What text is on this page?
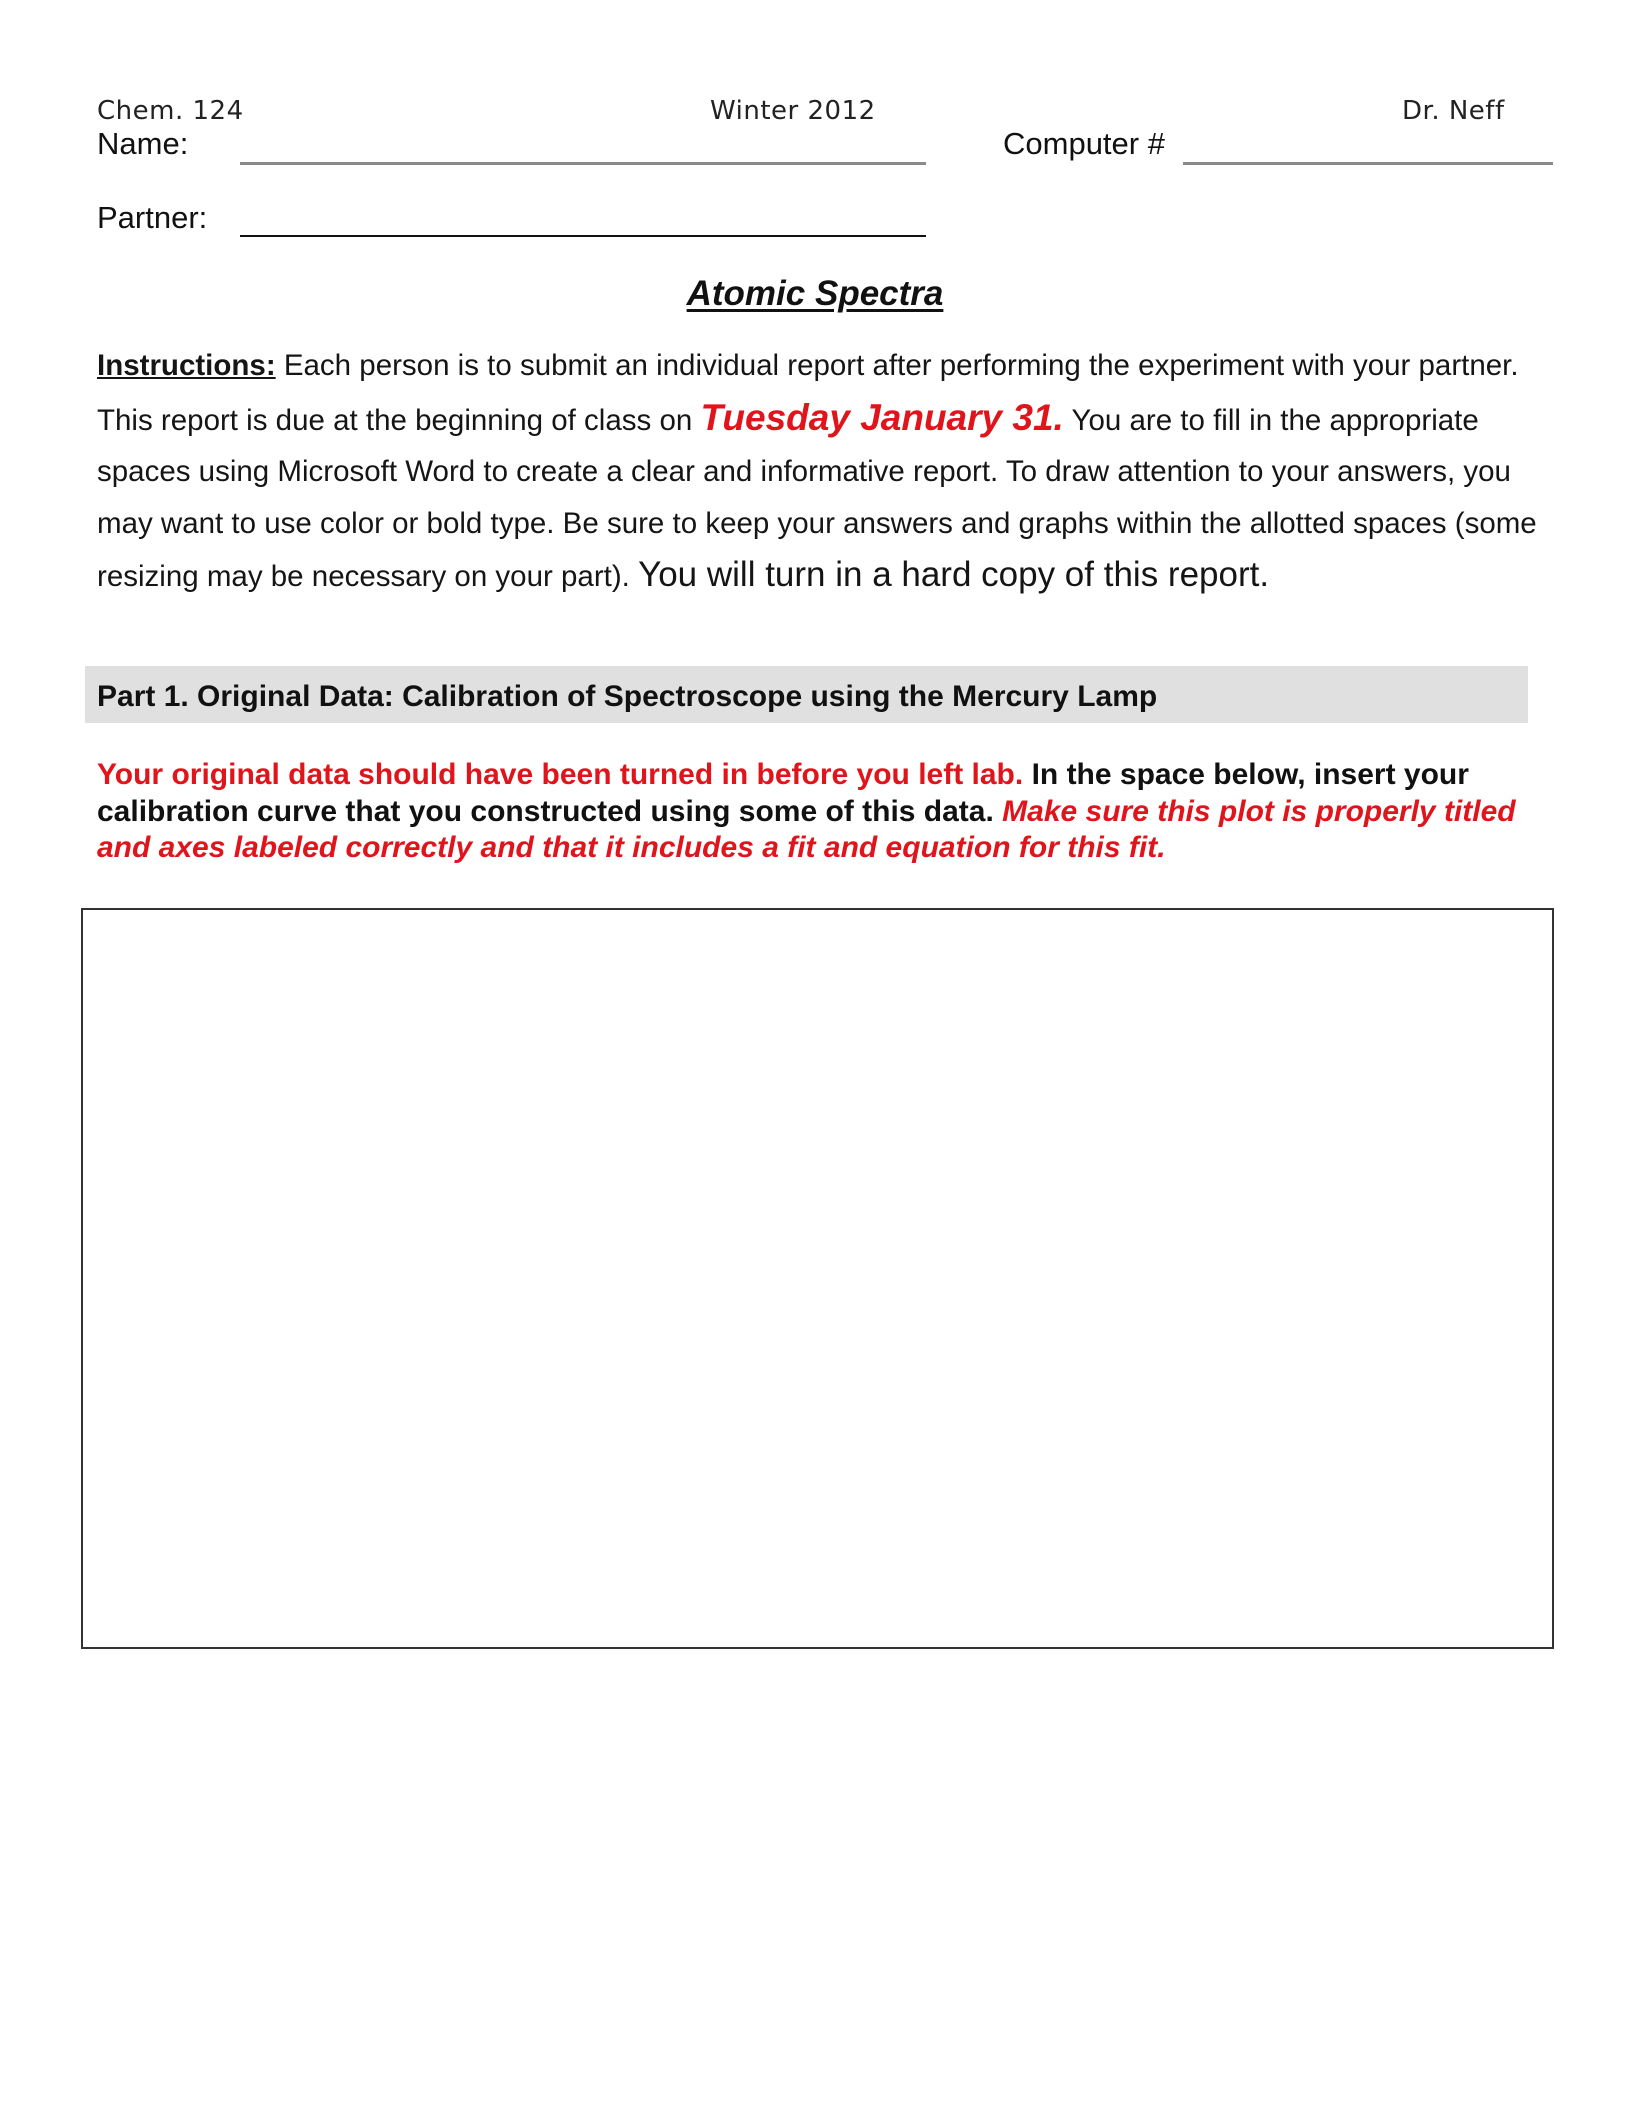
Chem. 124	Winter 2012	Dr. Neff
Name:	Computer #
Partner:
Atomic Spectra
Instructions: Each person is to submit an individual report after performing the experiment with your partner. This report is due at the beginning of class on Tuesday January 31. You are to fill in the appropriate spaces using Microsoft Word to create a clear and informative report. To draw attention to your answers, you may want to use color or bold type. Be sure to keep your answers and graphs within the allotted spaces (some resizing may be necessary on your part). You will turn in a hard copy of this report.
Part 1. Original Data: Calibration of Spectroscope using the Mercury Lamp
Your original data should have been turned in before you left lab. In the space below, insert your calibration curve that you constructed using some of this data. Make sure this plot is properly titled and axes labeled correctly and that it includes a fit and equation for this fit.
